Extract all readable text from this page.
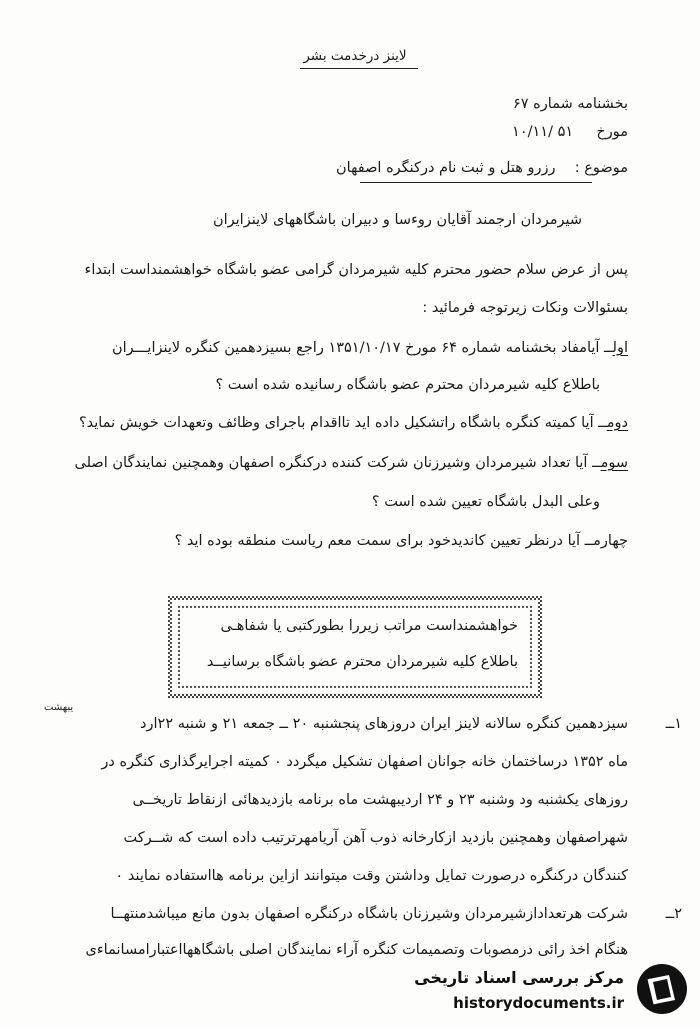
لاینز درخدمت بشر
بخشنامه شماره ۶۷
مورخ  ۱۰/۱۱/ ۵۱
موضوع :  رزرو هتل و ثبت نام درکنگره اصفهان
شیرمردان ارجمند آقایان روءسا و دبیران باشگاههای لاینزایران
پس از عرض سلام حضور محترم کلیه شیرمردان گرامی عضو باشگاه خواهشمنداست ابتداء
بسئوالات ونکات زیرتوجه فرمائید :
اولــ آیامفاد بخشنامه شماره ۶۴ مورخ ۱۳۵۱/۱۰/۱۷ راجع بسیزدهمین کنگره لاینزایـــران
باطلاع کلیه شیرمردان محترم عضو باشگاه رسانیده شده است ؟
دومــ آیا کمیته کنگره باشگاه راتشکیل داده اید تااقدام باجرای وظائف وتعهدات خویش نماید؟
سومــ آیا تعداد شیرمردان وشیرزنان شرکت کننده درکنگره اصفهان وهمچنین نمایندگان اصلی
وعلی البدل باشگاه تعیین شده است ؟
چهارمــ آیا درنظر تعیین کاندیدخود برای سمت معم ریاست منطقه بوده اید ؟
خواهشمنداست مراتب زیررا بطورکتبی یا شفاهـی
باطلاع کلیه شیرمردان محترم عضو باشگاه برسانیــد
یبهشت
۱ــ
سیزدهمین کنگره سالانه لاینز ایران دروزهای پنجشنبه ۲۰ ــ جمعه ۲۱ و شنبه ۲۲ارد
ماه ۱۳۵۲ درساختمان خانه جوانان اصفهان تشکیل میگردد ۰ کمیته اجرایرگذاری کنگره در
روزهای یکشنبه ود وشنبه ۲۳ و ۲۴ اردیبهشت ماه برنامه بازدیدهائی ازنقاط تاریخــی
شهراصفهان وهمچنین بازدید ازکارخانه ذوب آهن آریامهرترتیب داده است که شــرکت
کنندگان درکنگره درصورت تمایل وداشتن وقت میتوانند ازاین برنامه هااستفاده نمایند ۰
۲ــ
شرکت هرتعدادازشیرمردان وشیرزنان باشگاه درکنگره اصفهان بدون مانع میباشدمنتهــا
هنگام اخذ رائی درمصوبات وتصمیمات کنگره آراء نمایندگان اصلی باشگاههااعتبارامسانماءی
مرکز بررسی اسناد تاریخی
historydocuments.ir
